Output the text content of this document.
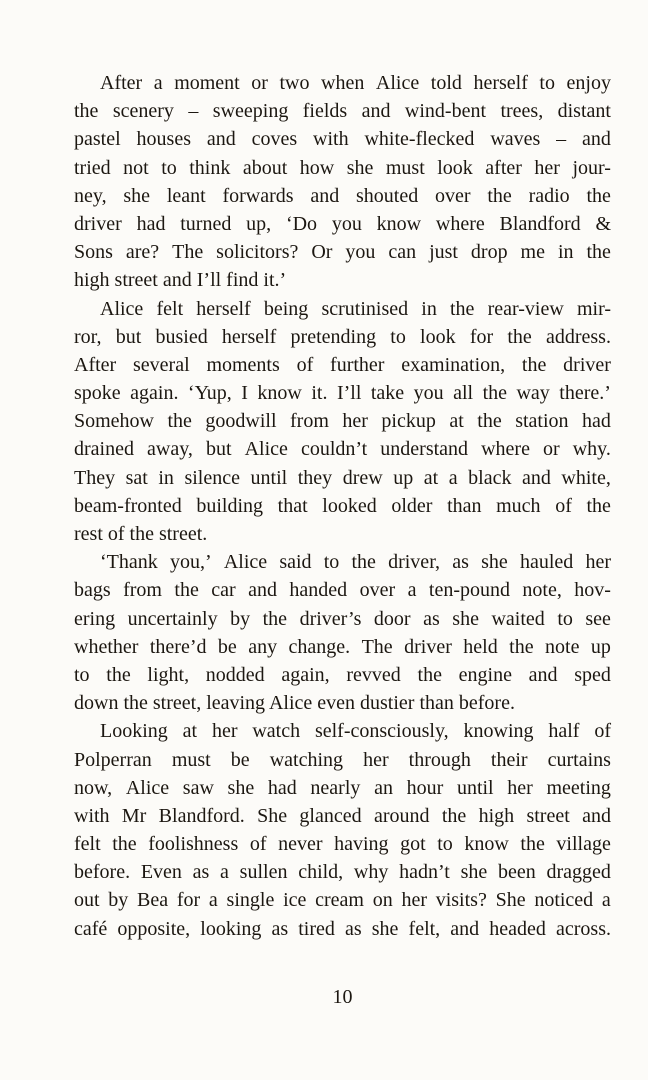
After a moment or two when Alice told herself to enjoy
the scenery – sweeping fields and wind-bent trees, distant
pastel houses and coves with white-flecked waves – and
tried not to think about how she must look after her jour-
ney, she leant forwards and shouted over the radio the
driver had turned up, ‘Do you know where Blandford &
Sons are? The solicitors? Or you can just drop me in the
high street and I’ll find it.’
Alice felt herself being scrutinised in the rear-view mir-
ror, but busied herself pretending to look for the address.
After several moments of further examination, the driver
spoke again. ‘Yup, I know it. I’ll take you all the way there.’
Somehow the goodwill from her pickup at the station had
drained away, but Alice couldn’t understand where or why.
They sat in silence until they drew up at a black and white,
beam-fronted building that looked older than much of the
rest of the street.
‘Thank you,’ Alice said to the driver, as she hauled her
bags from the car and handed over a ten-pound note, hov-
ering uncertainly by the driver’s door as she waited to see
whether there’d be any change. The driver held the note up
to the light, nodded again, revved the engine and sped
down the street, leaving Alice even dustier than before.
Looking at her watch self-consciously, knowing half of
Polperran must be watching her through their curtains
now, Alice saw she had nearly an hour until her meeting
with Mr Blandford. She glanced around the high street and
felt the foolishness of never having got to know the village
before. Even as a sullen child, why hadn’t she been dragged
out by Bea for a single ice cream on her visits? She noticed a
café opposite, looking as tired as she felt, and headed across.
10
